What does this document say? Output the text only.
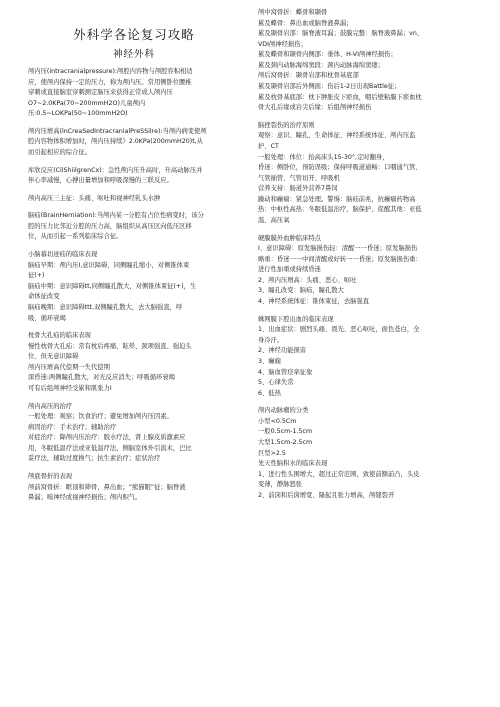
外科学各论复习攻略
神经外科
颅内压(intracranialpressure):颅腔内容物与颅腔容积相适
应，使颅内保持一定的压力，称为颅内压。常用侧卧位腰椎
穿刺或直接脑室穿刺测定脑压来获得正常成人颅内压
O7~2.0KPa(70~200mmH2O)儿童颅内
压:0.5~LOKPa(50~100mmH2O)
颅内压增高(lnCreaSedIntracranialPreSSilre):当颅内病变使颅
腔内容物体积增加时，颅内压持续》2.0KPa(200mmH20)t,从
而引起相应的综合征。
库欣反应(CilShiilgrenCx)：急性颅内压升高时，升高动脉压并
伴心率减慢，心搏出量增加和呼吸深慢的三联反应。
颅内高压三主征：头痛、呕吐和视神经乳头水肿
脑疝(BrainHerniation):当颅内某一分腔有占位性病变时，该分
腔的压力比邻近分腔的压力高，脑组织从高压区向低压区移
位，从而引起一系列临床综合征。
小脑幕切迹疝的临床表现
脑疝早期：颅内压Ⅰ,意识障碍，同侧瞳孔缩小，对侧锥体束
征(+)
脑疝中期：意识障碍tt,同侧瞳孔散大，对侧锥体束征(+)，生
命体征改变
脑疝晚期：意识障碍ttt,双侧瞳孔散大，去大脑强直，呼
吸、循环衰竭
枕骨大孔疝的临床表现
慢性枕骨大孔疝：常有枕后疼痛、眩晕、颈项强直、强迫头
位、但无意识障碍
颅内压增高代偿期一失代偿期
深昏迷:两侧瞳孔散大，对光反应消失；呼吸循环衰竭
可有后组颅神经受累和肌张力Ⅰ
颅内高压的治疗
一般处理：观察；饮食治疗；避免增加颅内压因素。
病因治疗：手术治疗；辅助治疗
对症治疗：降颅内压治疗：脱水疗法，肾上腺皮质激素应
用，冬眠低温疗法或亚低温疗法，侧脑室体外引流术，巴比
妥疗法，辅助过度换气；抗生素治疗；症状治疗
颅底骨折的表现
颅前窝骨折：眶顶和筛骨，鼻出血；“熊猫眼”征；脑脊液
鼻漏；嗅神经或视神经损伤；颅内积气。
颅中窝骨折：蝶骨和颞骨
累及蝶骨：鼻出血或脑脊液鼻漏；
累及颞骨岩部：脑脊液耳漏；鼓膜完整：脑脊液鼻漏；vn、
VDI颅神经损伤；
累及蝶骨和颞骨内侧部：垂体、H-VI颅神经损伤；
累及颈内动脉海绵窦段：颈内动脉海绵窦瘘；
颅后窝骨折：颞骨岩部和枕骨基底部
累及颞骨岩部后外侧面：伤后1-2日出现Battle征；
累及枕骨基底部：枕下肿胀皮下瘀血，咽后壁粘膜下瘀血枕
骨大孔后缘或岩尖后缘：后组颅神经损伤
脑挫裂伤的治疗原则
观察：意识、瞳孔、生命体征、神经系统体征、颅内压监
护、CT
一般处理：体位：抬高床头15-30°,定时翻身，
昏迷：侧卧位，预防误吸；保持呼吸道通畅：口咽通气管、
气管插管、气管切开、呼吸机
营养支持：肠道外营养7鼻饲
躁动和癫痫：紧急处理。警惕：脑疝前兆，抗癫痫药物高
热：中枢性高热：冬眠低温治疗，脑保护、促醒其他：亚低
温、高压氧
硬膜膜外血肿临床特点
I、意识障碍：原发脑损伤轻：清醒一一昏迷；原发脑损伤
略重：昏迷一一中间清醒或好转一一昏迷；原发脑损伤重：
进行性加重或持续昏迷
2、颅内压增高：头痛、恶心、呕吐
3、瞳孔改变：脑疝，瞳孔散大
4、神经系统体征：锥体束征，去脑强直
蛛网膜下腔出血的临床表现
1、出血症状：剧烈头痛、畏光、恶心呕吐，面色苍白，全
身冷汗。
2、神经功能损害
3、癫痫
4、脑血管痉挛征象
5、心律失常
6、低热
颅内动脉瘤的分类
小型<0.5Cm
一般0.5cm-1.5cm
大型1.5cm-2.5cm
巨型>2.5
先天性脑积水的临床表现
1、进行性头围增大，超过正常范围，致使前额前凸，头皮
变薄，静脉怒张
2、前囟和后囟增宽、隆起且张力增高，颅缝裂开
